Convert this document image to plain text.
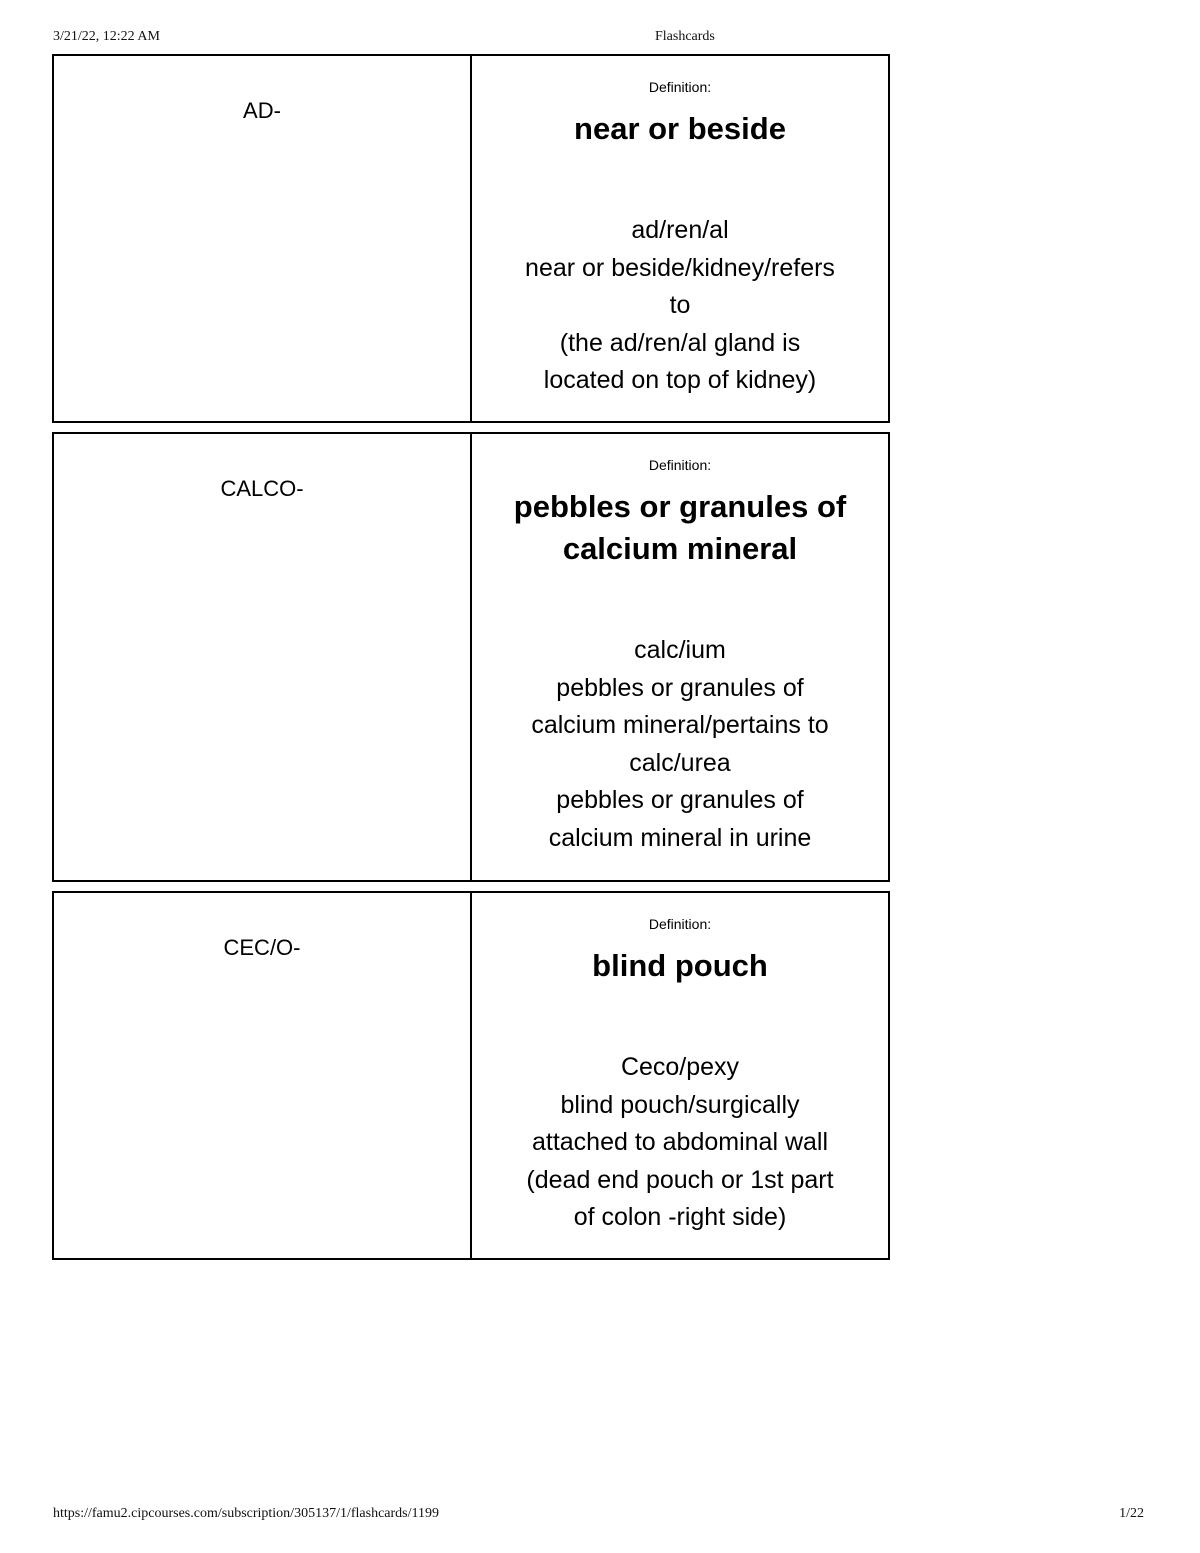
3/21/22, 12:22 AM	Flashcards
AD-
Definition:
near or beside
ad/ren/al
near or beside/kidney/refers
to
(the ad/ren/al gland is
located on top of kidney)
CALCO-
Definition:
pebbles or granules of
calcium mineral
calc/ium
pebbles or granules of
calcium mineral/pertains to
calc/urea
pebbles or granules of
calcium mineral in urine
CEC/O-
Definition:
blind pouch
Ceco/pexy
blind pouch/surgically
attached to abdominal wall
(dead end pouch or 1st part
of colon -right side)
https://famu2.cipcourses.com/subscription/305137/1/flashcards/1199	1/22
